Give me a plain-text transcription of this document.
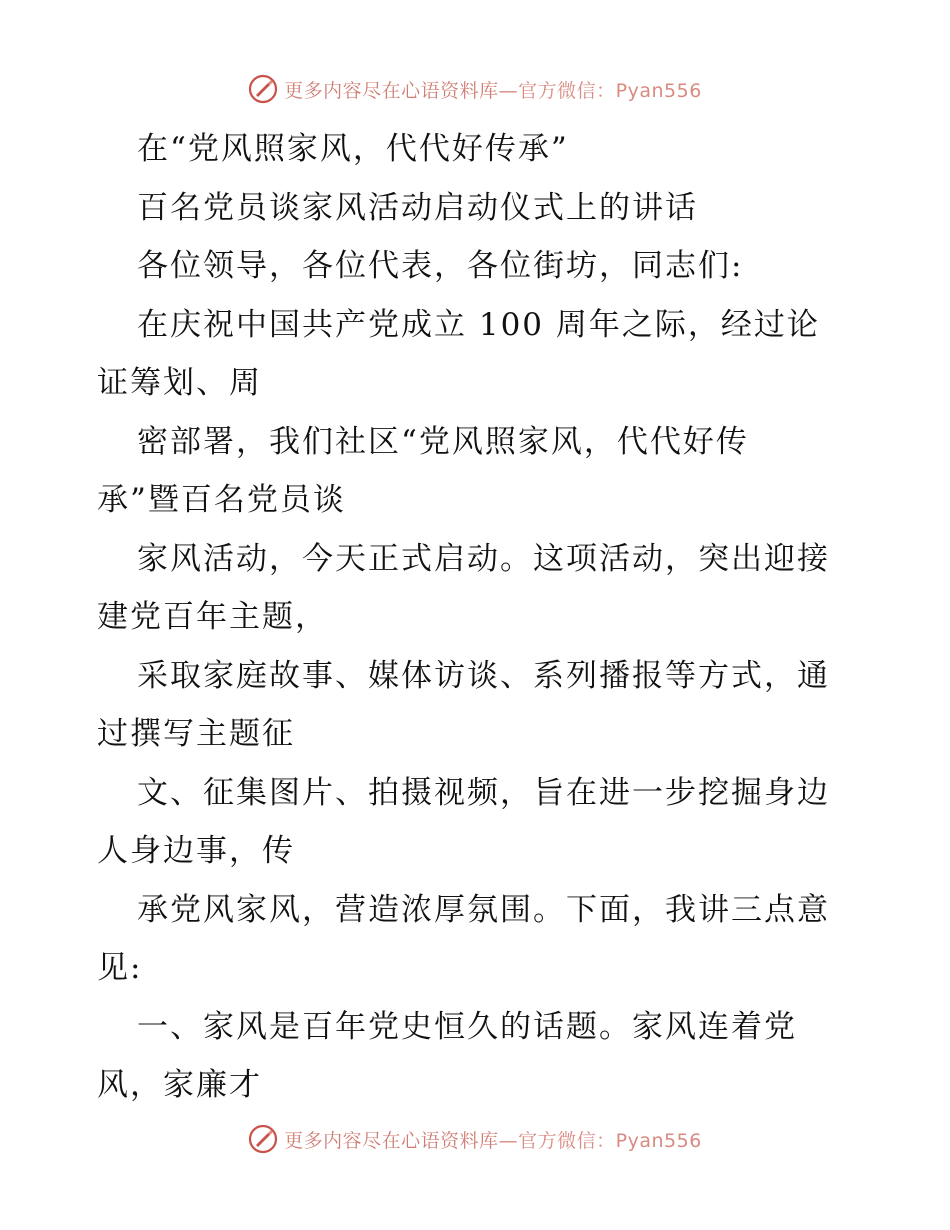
更多内容尽在心语资料库—官方微信：Pyan556
在“党风照家风，代代好传承”
百名党员谈家风活动启动仪式上的讲话
各位领导，各位代表，各位街坊，同志们:
在庆祝中国共产党成立 100 周年之际，经过论
证筹划、周
密部署，我们社区“党风照家风，代代好传
承”暨百名党员谈
家风活动，今天正式启动。这项活动，突出迎接
建党百年主题，
采取家庭故事、媒体访谈、系列播报等方式，通
过撰写主题征
文、征集图片、拍摄视频，旨在进一步挖掘身边
人身边事，传
承党风家风，营造浓厚氛围。下面，我讲三点意
见:
一、家风是百年党史恒久的话题。家风连着党
风，家廉才
更多内容尽在心语资料库—官方微信：Pyan556
